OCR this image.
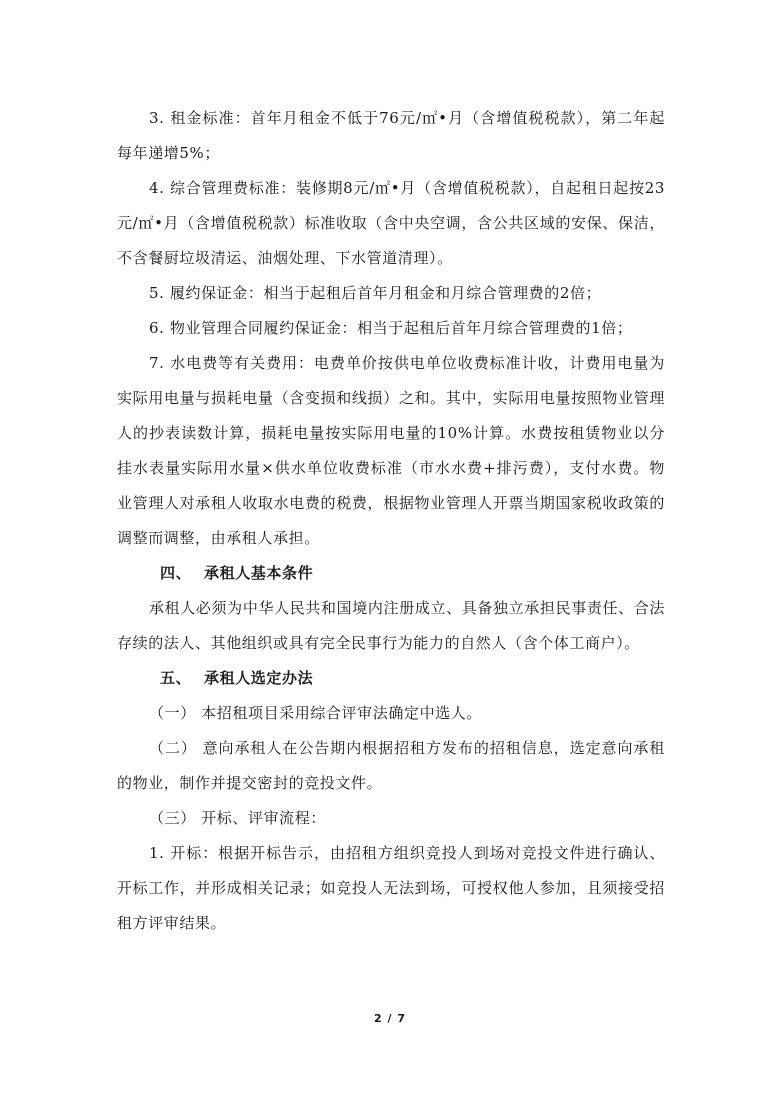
3. 租金标准：首年月租金不低于76元/㎡•月（含增值税税款），第二年起每年递增5%；

4. 综合管理费标准：装修期8元/㎡•月（含增值税税款），自起租日起按23元/㎡•月（含增值税税款）标准收取（含中央空调，含公共区域的安保、保洁，不含餐厨垃圾清运、油烟处理、下水管道清理）。

5. 履约保证金：相当于起租后首年月租金和月综合管理费的2倍；

6. 物业管理合同履约保证金：相当于起租后首年月综合管理费的1倍；

7. 水电费等有关费用：电费单价按供电单位收费标准计收，计费用电量为实际用电量与损耗电量（含变损和线损）之和。其中，实际用电量按照物业管理人的抄表读数计算，损耗电量按实际用电量的10%计算。水费按租赁物业以分挂水表量实际用水量×供水单位收费标准（市水水费+排污费），支付水费。物业管理人对承租人收取水电费的税费，根据物业管理人开票当期国家税收政策的调整而调整，由承租人承担。

四、 承租人基本条件

承租人必须为中华人民共和国境内注册成立、具备独立承担民事责任、合法存续的法人、其他组织或具有完全民事行为能力的自然人（含个体工商户）。

五、 承租人选定办法

（一） 本招租项目采用综合评审法确定中选人。

（二） 意向承租人在公告期内根据招租方发布的招租信息，选定意向承租的物业，制作并提交密封的竞投文件。

（三） 开标、评审流程：

1. 开标：根据开标告示，由招租方组织竞投人到场对竞投文件进行确认、开标工作，并形成相关记录；如竞投人无法到场，可授权他人参加，且须接受招租方评审结果。

2 / 7
